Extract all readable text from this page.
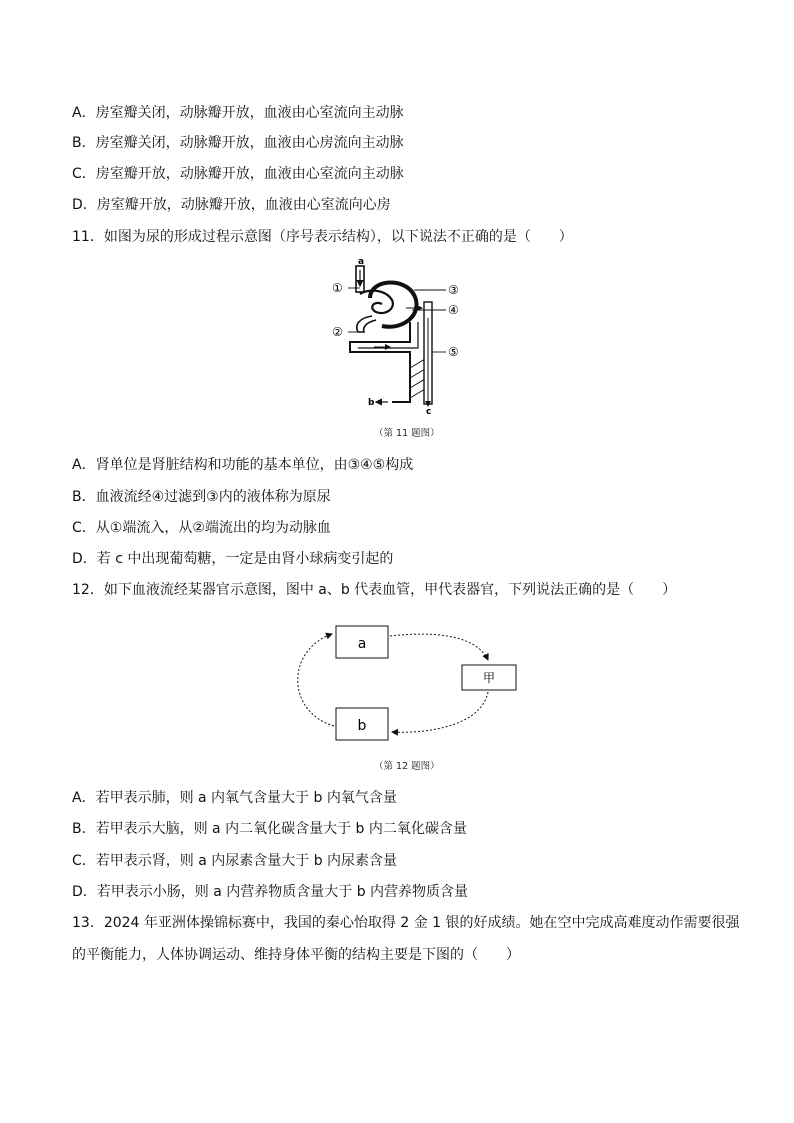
A．房室瓣关闭，动脉瓣开放，血液由心室流向主动脉
B．房室瓣关闭，动脉瓣开放，血液由心房流向主动脉
C．房室瓣开放，动脉瓣开放，血液由心室流向主动脉
D．房室瓣开放，动脉瓣开放，血液由心室流向心房
11．如图为尿的形成过程示意图（序号表示结构），以下说法不正确的是（　　）
a
①
②
③
④
⑤
b
c
（第 11 题图）
A．肾单位是肾脏结构和功能的基本单位，由③④⑤构成
B．血液流经④过滤到③内的液体称为原尿
C．从①端流入，从②端流出的均为动脉血
D．若 c 中出现葡萄糖，一定是由肾小球病变引起的
12．如下血液流经某器官示意图，图中 a、b 代表血管，甲代表器官，下列说法正确的是（　　）
a
b
甲
（第 12 题图）
A．若甲表示肺，则 a 内氧气含量大于 b 内氧气含量
B．若甲表示大脑，则 a 内二氧化碳含量大于 b 内二氧化碳含量
C．若甲表示肾，则 a 内尿素含量大于 b 内尿素含量
D．若甲表示小肠，则 a 内营养物质含量大于 b 内营养物质含量
13．2024 年亚洲体操锦标赛中，我国的秦心怡取得 2 金 1 银的好成绩。她在空中完成高难度动作需要很强
的平衡能力，人体协调运动、维持身体平衡的结构主要是下图的（　　）
